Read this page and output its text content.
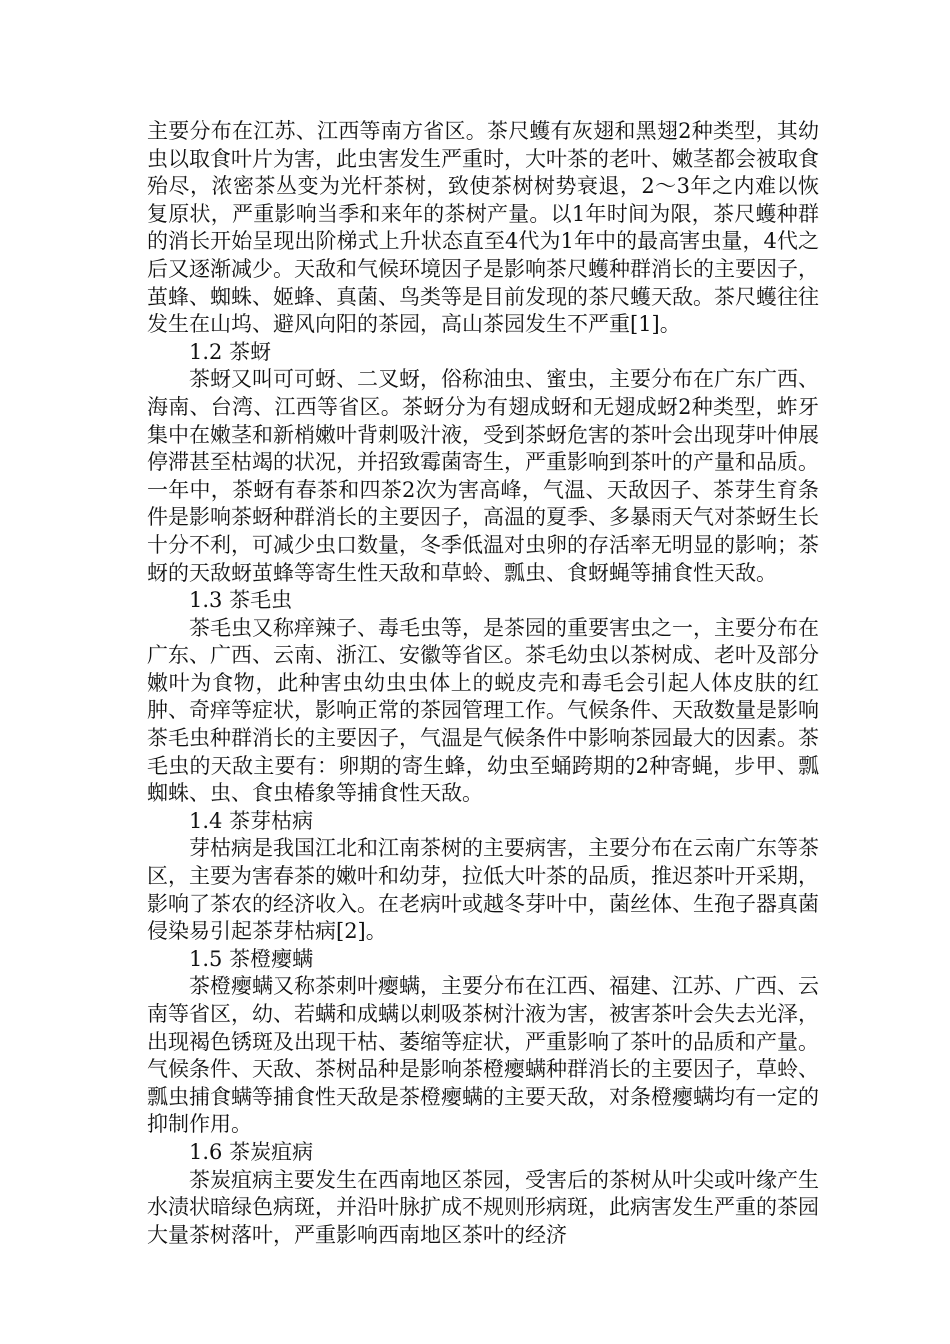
主要分布在江苏、江西等南方省区。茶尺蠖有灰翅和黑翅2种类型，其幼虫以取食叶片为害，此虫害发生严重时，大叶茶的老叶、嫩茎都会被取食殆尽，浓密茶丛变为光杆茶树，致使茶树树势衰退，2～3年之内难以恢复原状，严重影响当季和来年的茶树产量。以1年时间为限，茶尺蠖种群的消长开始呈现出阶梯式上升状态直至4代为1年中的最高害虫量，4代之后又逐渐减少。天敌和气候环境因子是影响茶尺蠖种群消长的主要因子，茧蜂、蜘蛛、姬蜂、真菌、鸟类等是目前发现的茶尺蠖天敌。茶尺蠖往往发生在山坞、避风向阳的茶园，高山茶园发生不严重[1]。

1.2 茶蚜

茶蚜又叫可可蚜、二叉蚜，俗称油虫、蜜虫，主要分布在广东广西、海南、台湾、江西等省区。茶蚜分为有翅成蚜和无翅成蚜2种类型，蚱牙集中在嫩茎和新梢嫩叶背刺吸汁液，受到茶蚜危害的茶叶会出现芽叶伸展停滞甚至枯竭的状况，并招致霉菌寄生，严重影响到茶叶的产量和品质。一年中，茶蚜有春茶和四茶2次为害高峰，气温、天敌因子、茶芽生育条件是影响茶蚜种群消长的主要因子，高温的夏季、多暴雨天气对茶蚜生长十分不利，可减少虫口数量，冬季低温对虫卵的存活率无明显的影响；茶蚜的天敌蚜茧蜂等寄生性天敌和草蛉、瓢虫、食蚜蝇等捕食性天敌。

1.3 茶毛虫

茶毛虫又称痒辣子、毒毛虫等，是茶园的重要害虫之一，主要分布在广东、广西、云南、浙江、安徽等省区。茶毛幼虫以茶树成、老叶及部分嫩叶为食物，此种害虫幼虫虫体上的蜕皮壳和毒毛会引起人体皮肤的红肿、奇痒等症状，影响正常的茶园管理工作。气候条件、天敌数量是影响茶毛虫种群消长的主要因子，气温是气候条件中影响茶园最大的因素。茶毛虫的天敌主要有：卵期的寄生蜂，幼虫至蛹跨期的2种寄蝇，步甲、瓢蜘蛛、虫、食虫椿象等捕食性天敌。

1.4 茶芽枯病

芽枯病是我国江北和江南茶树的主要病害，主要分布在云南广东等茶区，主要为害春茶的嫩叶和幼芽，拉低大叶茶的品质，推迟茶叶开采期，影响了茶农的经济收入。在老病叶或越冬芽叶中，菌丝体、生孢子器真菌侵染易引起茶芽枯病[2]。

1.5 茶橙瘿螨

茶橙瘿螨又称茶刺叶瘿螨，主要分布在江西、福建、江苏、广西、云南等省区，幼、若螨和成螨以刺吸茶树汁液为害，被害茶叶会失去光泽，出现褐色锈斑及出现干枯、萎缩等症状，严重影响了茶叶的品质和产量。气候条件、天敌、茶树品种是影响茶橙瘿螨种群消长的主要因子，草蛉、瓢虫捕食螨等捕食性天敌是茶橙瘿螨的主要天敌，对条橙瘿螨均有一定的抑制作用。

1.6 茶炭疽病

茶炭疽病主要发生在西南地区茶园，受害后的茶树从叶尖或叶缘产生水渍状暗绿色病斑，并沿叶脉扩成不规则形病斑，此病害发生严重的茶园大量茶树落叶，严重影响西南地区茶叶的经济
